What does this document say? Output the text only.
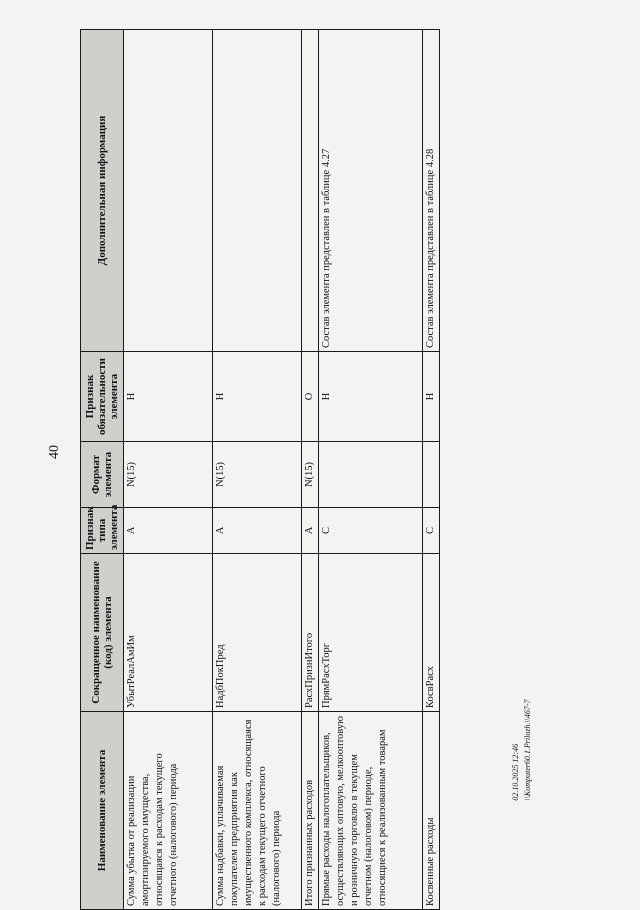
40
Наименование элемента	Сокращенное наименование (код) элемента	Признак типа элемента	Формат элемента	Признак обязательности элемента	Дополнительная информация
Сумма убытка от реализации амортизируемого имущества, относящаяся к расходам текущего отчетного (налогового) периода	УбытРеалАмИм	А	N(15)	Н	
Сумма надбавки, уплачиваемая покупателем предприятия как имущественного комплекса, относящаяся к расходам текущего отчетного (налогового) периода	НадбПокПред	А	N(15)	Н	
Итого признанных расходов	РасхПризнИтого	А	N(15)	О	
Прямые расходы налогоплательщиков, осуществляющих оптовую, мелкооптовую и розничную торговлю в текущем отчетном (налоговом) периоде, относящиеся к реализованным товарам	ПрямРасхТорг	С		Н	Состав элемента представлен в таблице 4.27
Косвенные расходы	КосвРасх	С		Н	Состав элемента представлен в таблице 4.28
02.10.2025 12:46 \\Komputer60.1.Prilozh.\\467-7
